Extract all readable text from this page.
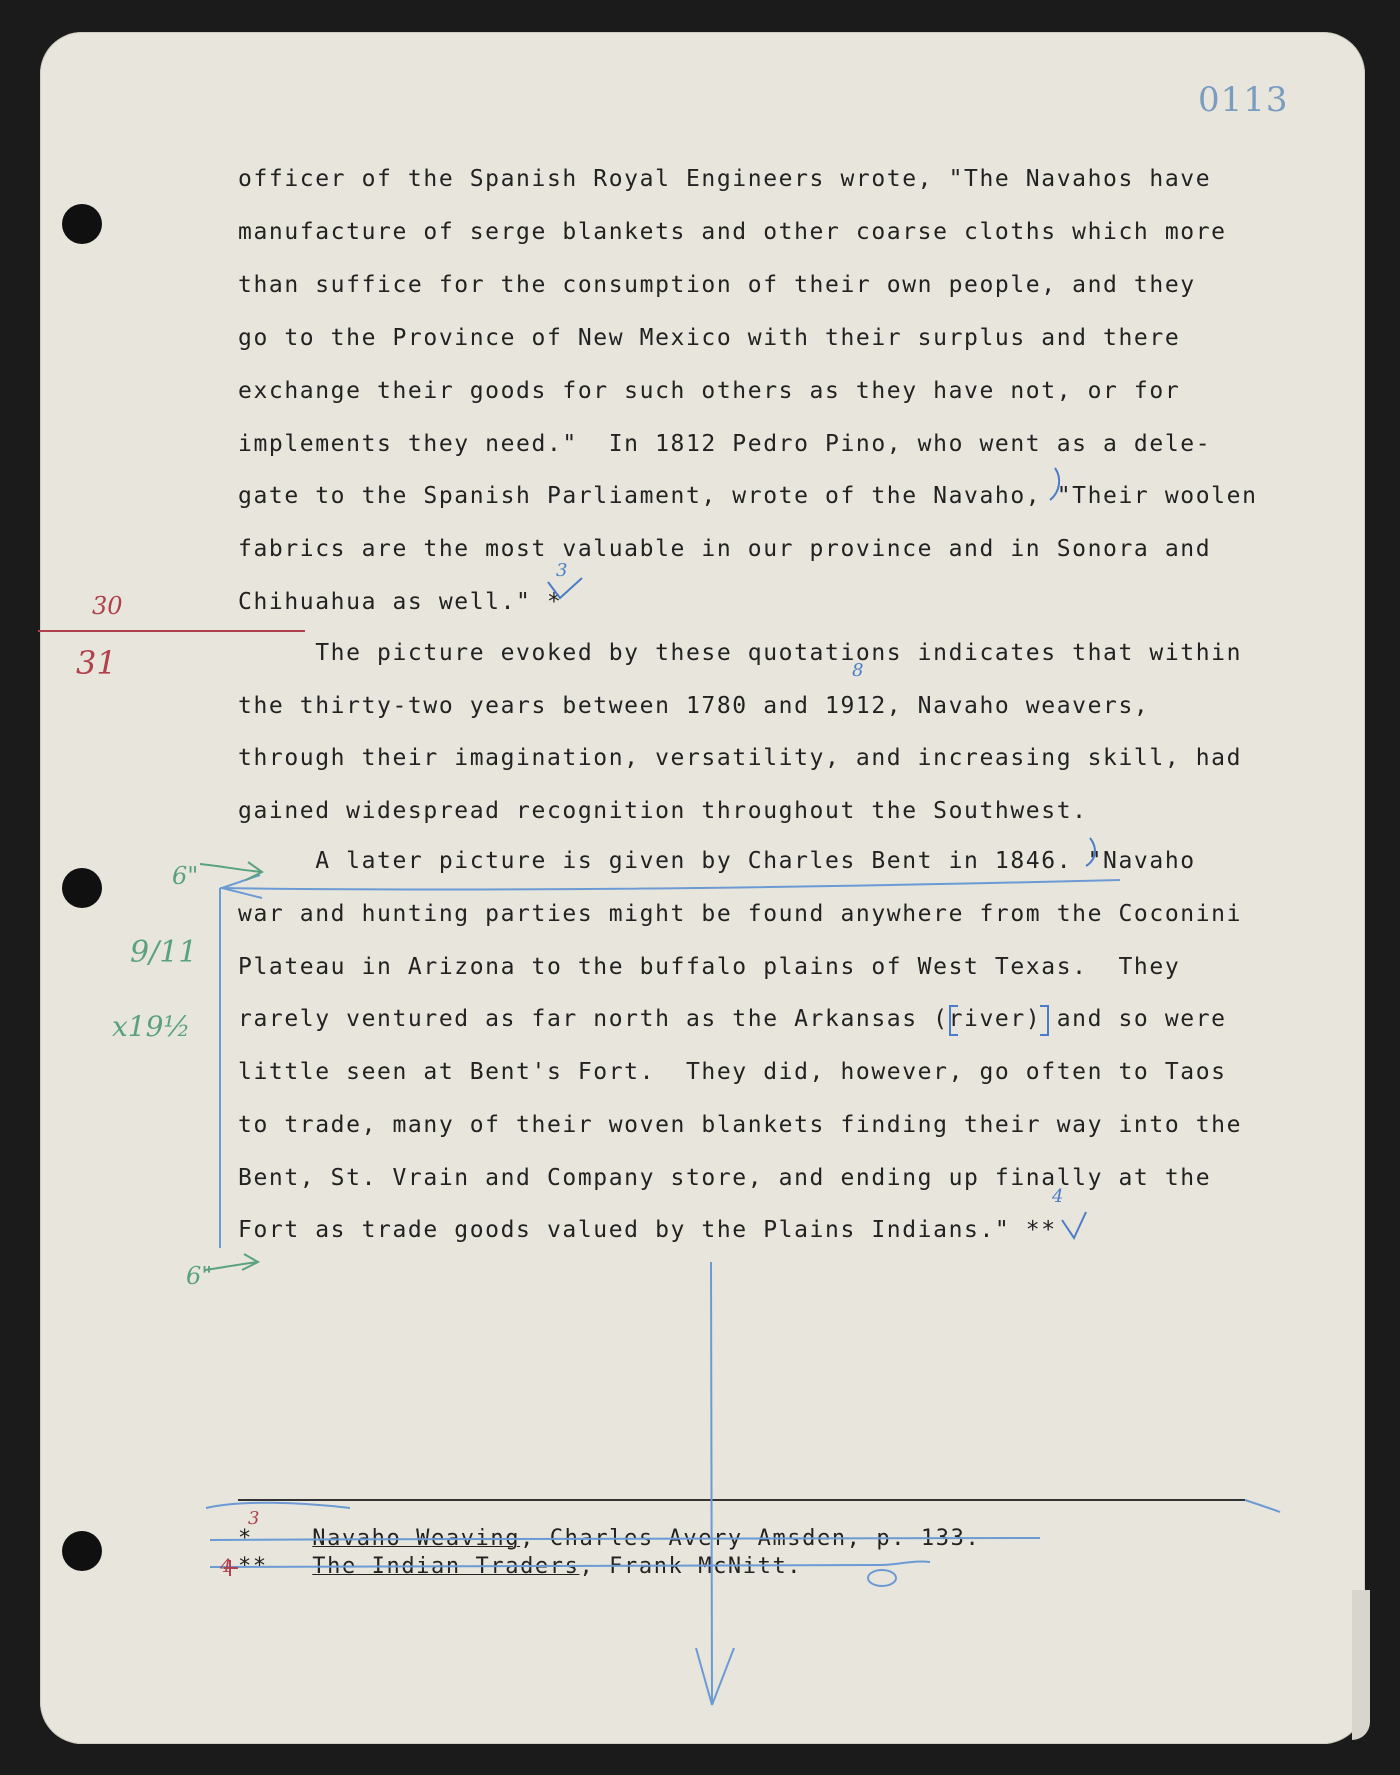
0113
officer of the Spanish Royal Engineers wrote, "The Navahos have
manufacture of serge blankets and other coarse cloths which more
than suffice for the consumption of their own people, and they
go to the Province of New Mexico with their surplus and there
exchange their goods for such others as they have not, or for
implements they need."  In 1812 Pedro Pino, who went as a dele-
gate to the Spanish Parliament, wrote of the Navaho, "Their woolen
fabrics are the most valuable in our province and in Sonora and
Chihuahua as well." *
The picture evoked by these quotations indicates that within
the thirty-two years between 1780 and 1912, Navaho weavers,
through their imagination, versatility, and increasing skill, had
gained widespread recognition throughout the Southwest.
A later picture is given by Charles Bent in 1846. "Navaho
war and hunting parties might be found anywhere from the Coconini
Plateau in Arizona to the buffalo plains of West Texas.  They
rarely ventured as far north as the Arkansas (river) and so were
little seen at Bent's Fort.  They did, however, go often to Taos
to trade, many of their woven blankets finding their way into the
Bent, St. Vrain and Company store, and ending up finally at the
Fort as trade goods valued by the Plains Indians." **
*	Navaho Weaving, Charles Avery Amsden, p. 133.
** The Indian Traders, Frank McNitt.
30
31
3
8
4
6"
9/11
x19½
6"
3
4
